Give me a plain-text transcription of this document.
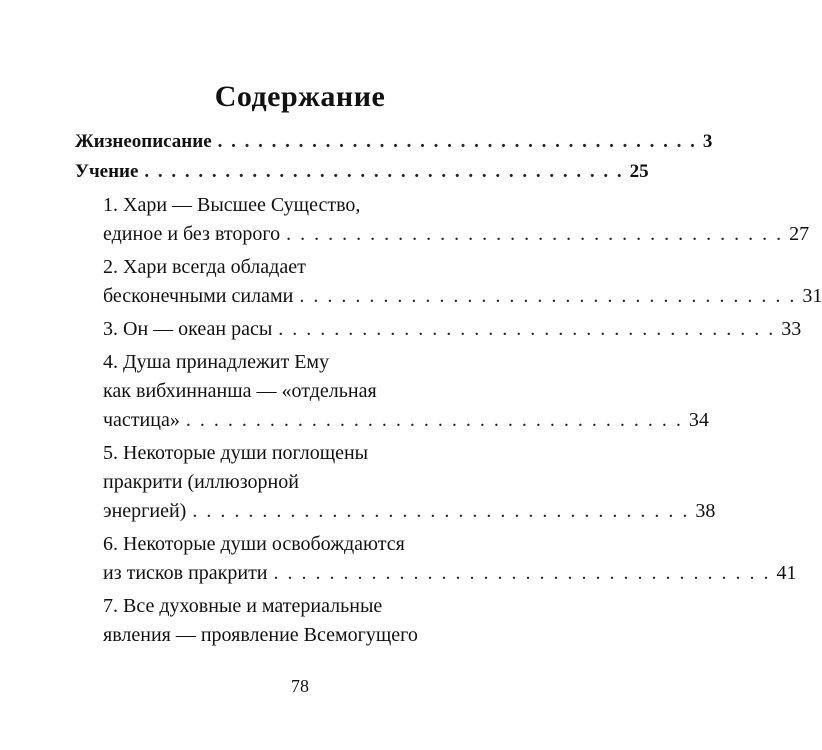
Содержание
Жизнеописание . . . . . . . . . . . . . . . . . . . . . . . . . . . . . . . . . . . . 3
Учение . . . . . . . . . . . . . . . . . . . . . . . . . . . . . . . . . . . . 25
1. Хари — Высшее Существо,
единое и без второго . . . . . . . . . . . . . . . . . . . . . . . . . . . . . . . . . . . . 27
2. Хари всегда обладает
бесконечными силами . . . . . . . . . . . . . . . . . . . . . . . . . . . . . . . . . . . . 31
3. Он — океан расы . . . . . . . . . . . . . . . . . . . . . . . . . . . . . . . . . . . . 33
4. Душа принадлежит Ему
как вибхиннанша — «отдельная
частица» . . . . . . . . . . . . . . . . . . . . . . . . . . . . . . . . . . . . 34
5. Некоторые души поглощены
пракрити (иллюзорной
энергией) . . . . . . . . . . . . . . . . . . . . . . . . . . . . . . . . . . . . 38
6. Некоторые души освобождаются
из тисков пракрити . . . . . . . . . . . . . . . . . . . . . . . . . . . . . . . . . . . . 41
7. Все духовные и материальные
явления — проявление Всемогущего
78
